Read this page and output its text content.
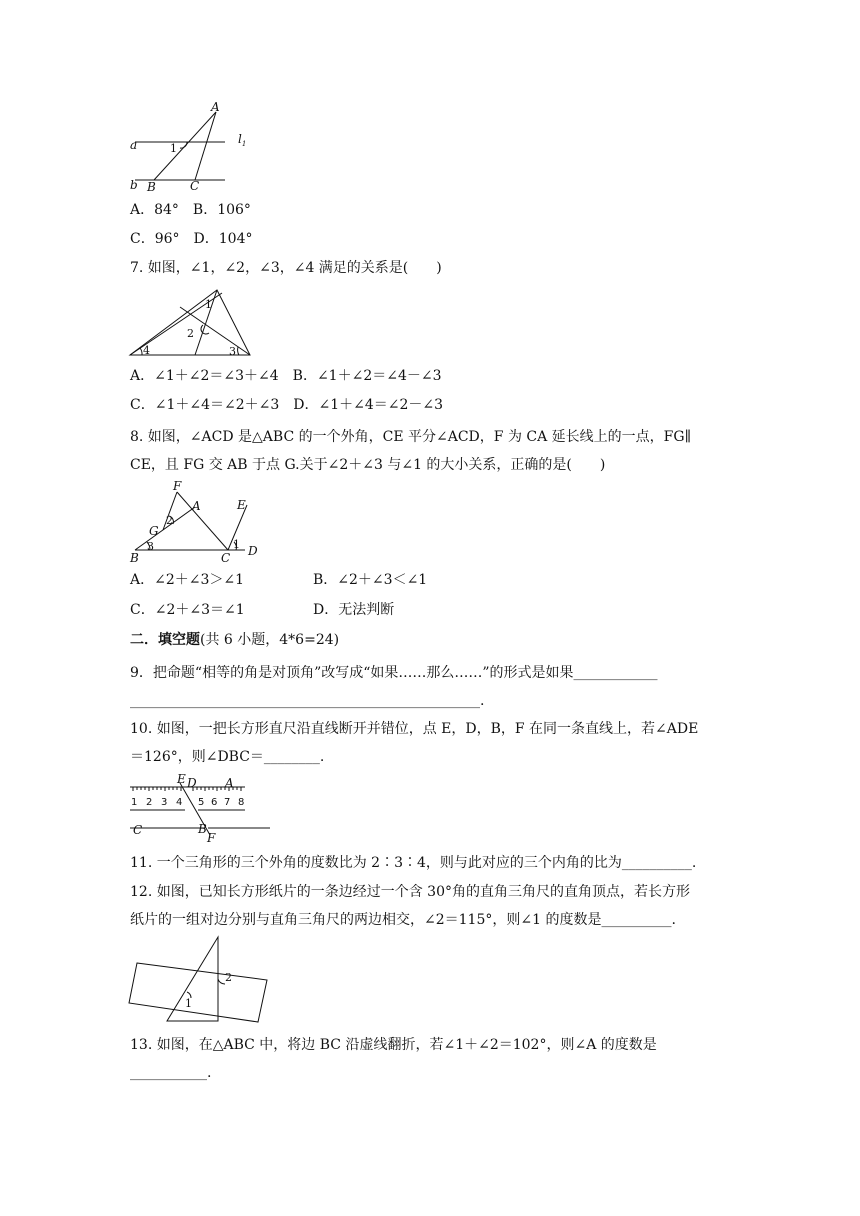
A
$l_1$
a
b B	C
1
A．84°　B．106°
C．96°　D．104°
7. 如图，∠1，∠2，∠3，∠4 满足的关系是(　　)
1
2
3
4
A．∠1＋∠2＝∠3＋∠4　B．∠1＋∠2＝∠4－∠3
C．∠1＋∠4＝∠2＋∠3　D．∠1＋∠4＝∠2－∠3
8. 如图，∠ACD 是△ABC 的一个外角，CE 平分∠ACD，F 为 CA 延长线上的一点，FG∥
CE，且 FG 交 AB 于点 G.关于∠2＋∠3 与∠1 的大小关系，正确的是(　　)
F
A	E
G
B	C D
1
2
3
A．∠2＋∠3＞∠1	B．∠2＋∠3＜∠1
C．∠2＋∠3＝∠1	D．无法判断
二．填空题(共 6 小题，4*6=24)
9．把命题“相等的角是对顶角”改写成“如果……那么……”的形式是如果____________
__________________________________________________.
10. 如图，一把长方形直尺沿直线断开并错位，点 E，D，B，F 在同一条直线上，若∠ADE
＝126°，则∠DBC＝________.
1 2 3 4 5 6 7 8
E D A
C	B
F
11. 一个三角形的三个外角的度数比为 2∶3∶4，则与此对应的三个内角的比为__________.
12. 如图，已知长方形纸片的一条边经过一个含 30°角的直角三角尺的直角顶点，若长方形
纸片的一组对边分别与直角三角尺的两边相交，∠2＝115°，则∠1 的度数是__________.
1
2
13. 如图，在△ABC 中，将边 BC 沿虚线翻折，若∠1＋∠2＝102°，则∠A 的度数是
___________.
